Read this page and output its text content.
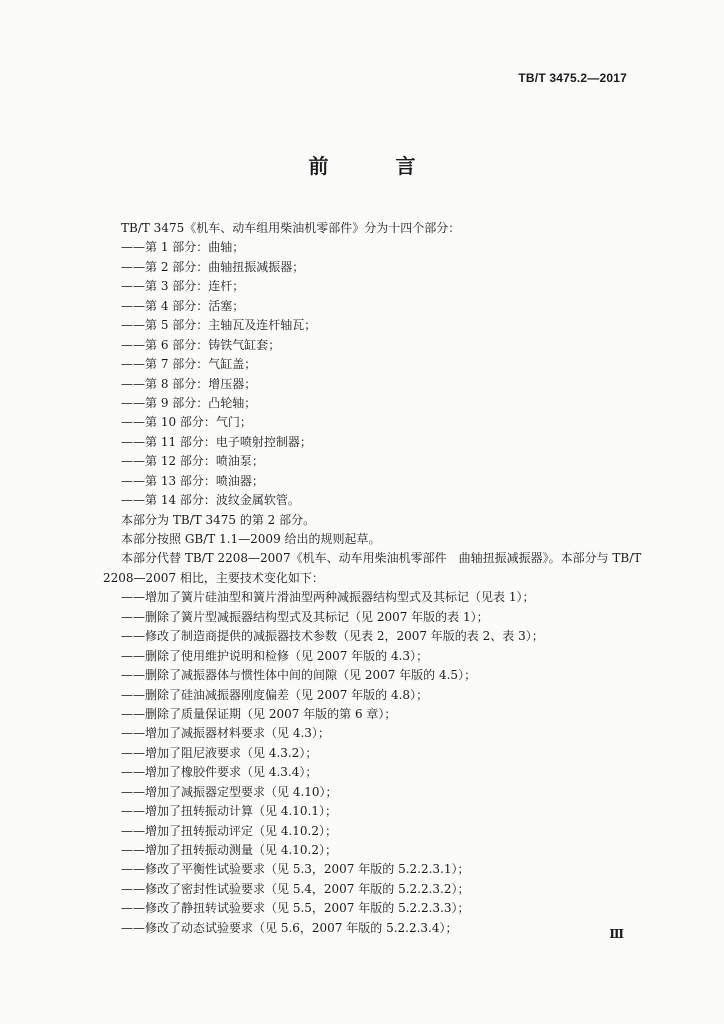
TB/T 3475.2—2017
前 言
TB/T 3475《机车、动车组用柴油机零部件》分为十四个部分：
——第 1 部分：曲轴；
——第 2 部分：曲轴扭振减振器；
——第 3 部分：连杆；
——第 4 部分：活塞；
——第 5 部分：主轴瓦及连杆轴瓦；
——第 6 部分：铸铁气缸套；
——第 7 部分：气缸盖；
——第 8 部分：增压器；
——第 9 部分：凸轮轴；
——第 10 部分：气门；
——第 11 部分：电子喷射控制器；
——第 12 部分：喷油泵；
——第 13 部分：喷油器；
——第 14 部分：波纹金属软管。
本部分为 TB/T 3475 的第 2 部分。
本部分按照 GB/T 1.1—2009 给出的规则起草。
本部分代替 TB/T 2208—2007《机车、动车用柴油机零部件　曲轴扭振减振器》。本部分与 TB/T
2208—2007 相比，主要技术变化如下：
——增加了簧片硅油型和簧片滑油型两种减振器结构型式及其标记（见表 1）；
——删除了簧片型减振器结构型式及其标记（见 2007 年版的表 1）；
——修改了制造商提供的减振器技术参数（见表 2，2007 年版的表 2、表 3）；
——删除了使用维护说明和检修（见 2007 年版的 4.3）；
——删除了减振器体与惯性体中间的间隙（见 2007 年版的 4.5）；
——删除了硅油减振器刚度偏差（见 2007 年版的 4.8）；
——删除了质量保证期（见 2007 年版的第 6 章）；
——增加了减振器材料要求（见 4.3）；
——增加了阻尼液要求（见 4.3.2）；
——增加了橡胶件要求（见 4.3.4）；
——增加了减振器定型要求（见 4.10）；
——增加了扭转振动计算（见 4.10.1）；
——增加了扭转振动评定（见 4.10.2）；
——增加了扭转振动测量（见 4.10.2）；
——修改了平衡性试验要求（见 5.3，2007 年版的 5.2.2.3.1）；
——修改了密封性试验要求（见 5.4，2007 年版的 5.2.2.3.2）；
——修改了静扭转试验要求（见 5.5，2007 年版的 5.2.2.3.3）；
——修改了动态试验要求（见 5.6，2007 年版的 5.2.2.3.4）；	Ⅲ
